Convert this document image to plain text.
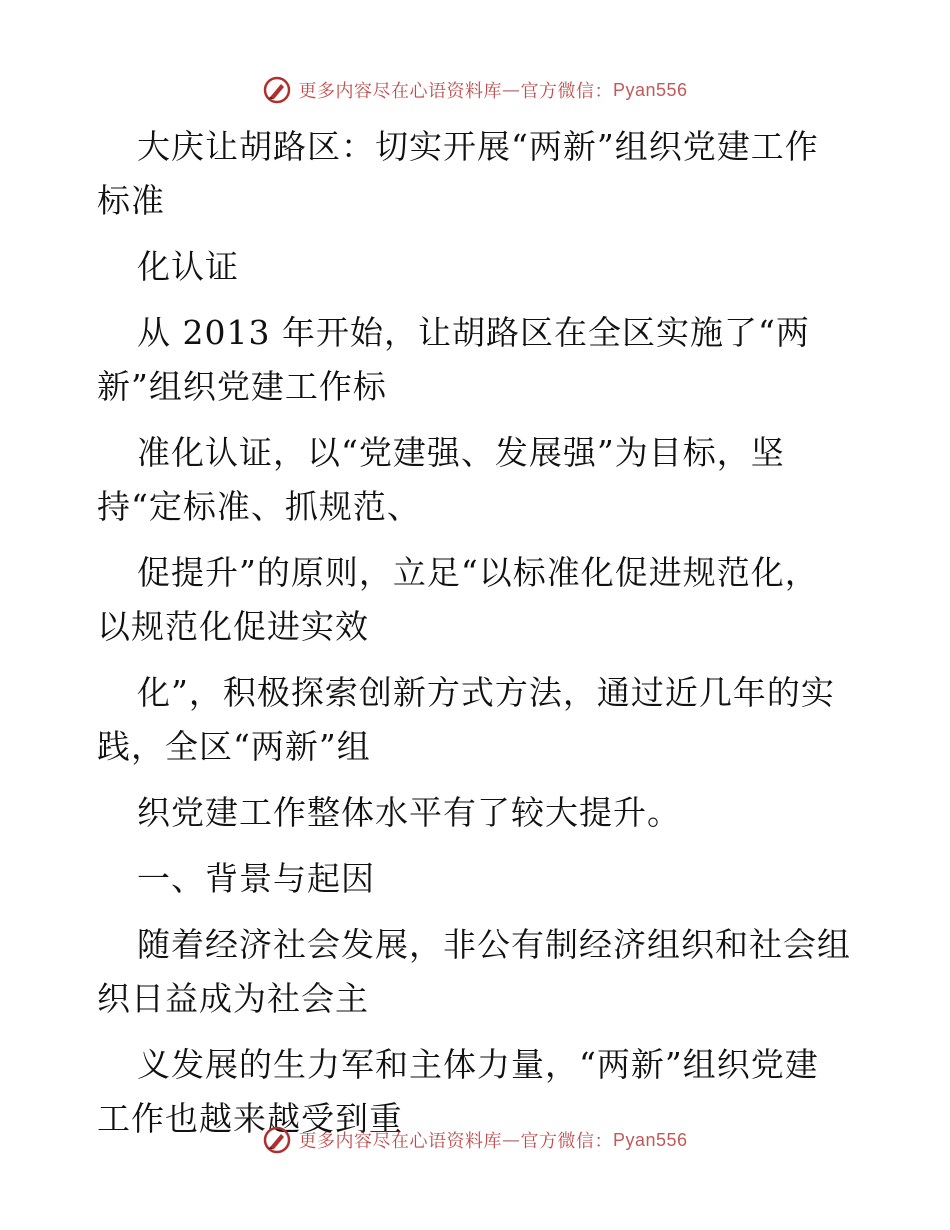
更多内容尽在心语资料库 — 官方微信： Pyan556
大庆让胡路区：切实开展“两新”组织党建工作
标准
化认证
从 2013 年开始，让胡路区在全区实施了“两
新”组织党建工作标
准化认证，以“党建强、发展强”为目标，坚
持“定标准、抓规范、
促提升”的原则，立足“以标准化促进规范化，
以规范化促进实效
化”，积极探索创新方式方法，通过近几年的实
践，全区“两新”组
织党建工作整体水平有了较大提升。
一、背景与起因
随着经济社会发展，非公有制经济组织和社会组
织日益成为社会主
义发展的生力军和主体力量，“两新”组织党建
工作也越来越受到重
更多内容尽在心语资料库 — 官方微信： Pyan556
